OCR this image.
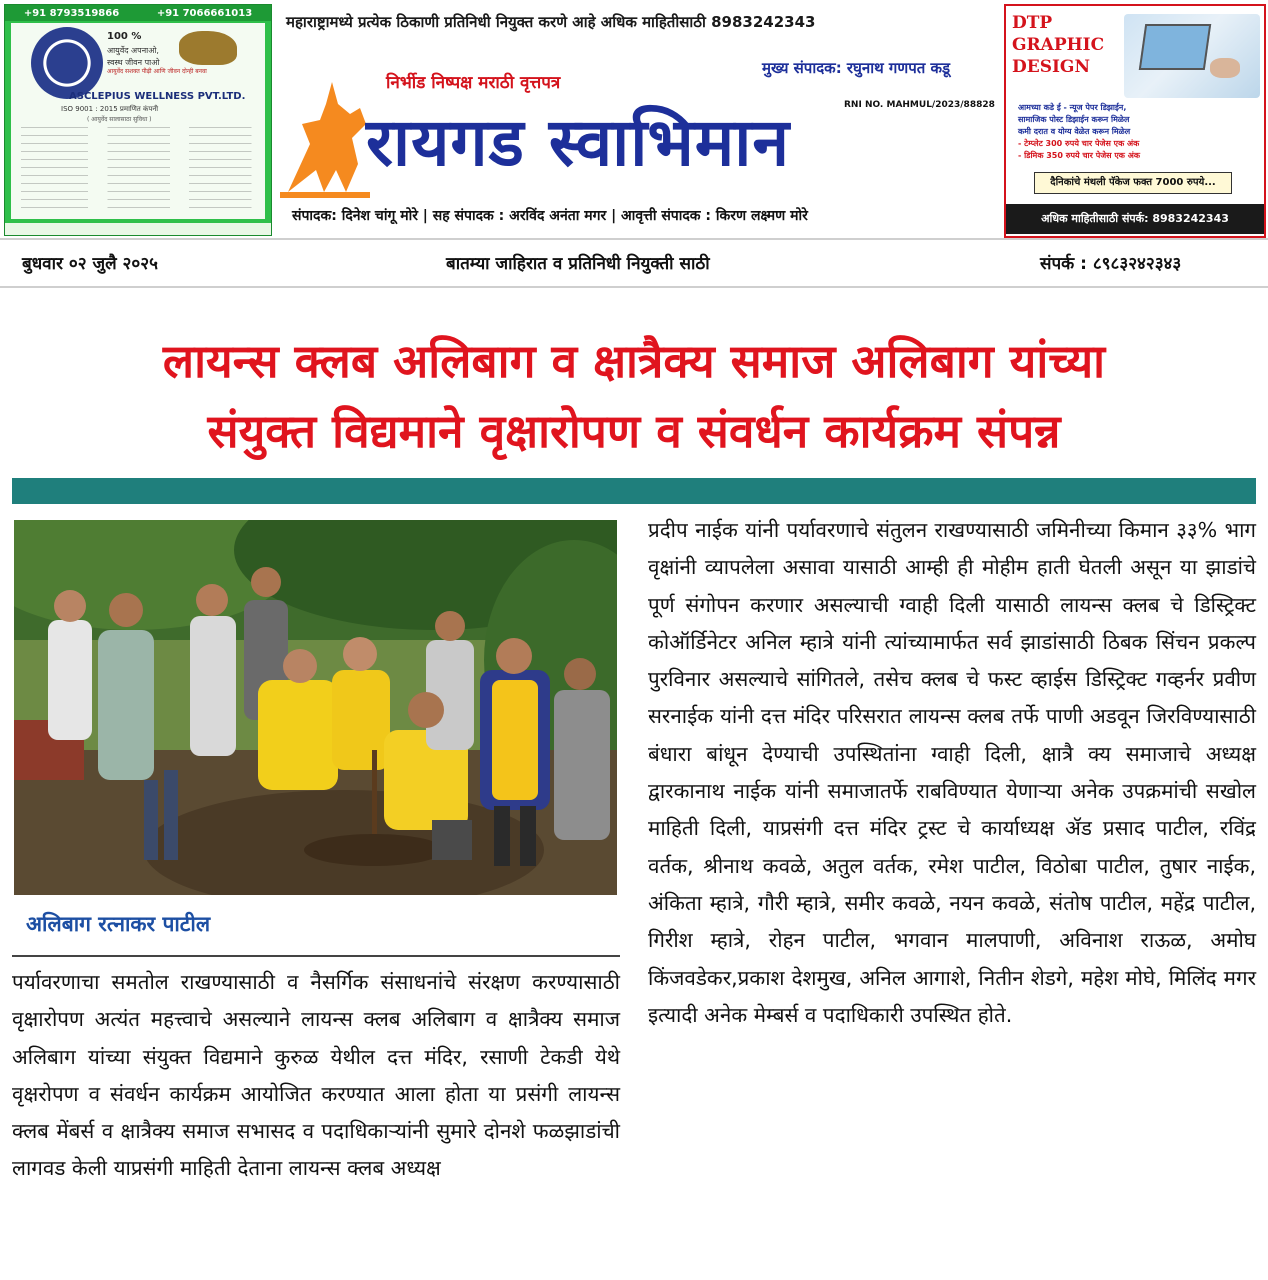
+91 8793519866	+91 7066661013
100 %
आयुर्वेद अपनाओ,
स्वस्थ जीवन पाओ
आयुर्वेद सशक्त पीढ़ी आणि जीवन दोन्ही बनवा
ASCLEPIUS WELLNESS PVT.LTD.
ISO 9001 : 2015 प्रमाणित कंपनी
( आयुर्वेद सालासाठा सुविधा )
महाराष्ट्रामध्ये प्रत्येक ठिकाणी प्रतिनिधी नियुक्त करणे आहे अधिक माहितीसाठी 8983242343
निर्भीड निष्पक्ष मराठी वृत्तपत्र
मुख्य संपादक: रघुनाथ गणपत कडू
RNI NO. MAHMUL/2023/88828
रायगड स्वाभिमान
संपादक: दिनेश चांगू मोरे | सह संपादक : अरविंद अनंता मगर | आवृत्ती संपादक : किरण लक्ष्मण मोरे
DTP
GRAPHIC
DESIGN
आमच्या कडे ई - न्यूज पेपर डिझाईन,
सामाजिक पोस्ट डिझाईन करून मिळेल
कमी दरात व योग्य वेळेत करून मिळेल
- टेम्प्लेट 300 रुपये चार पेजेस एक अंक
- डिमिक 350 रुपये चार पेजेस एक अंक
दैनिकांचे मंथली पॅकेज फक्त 7000 रुपये...
अधिक माहितीसाठी संपर्क: 8983242343
बुधवार ०२ जुलै २०२५	बातम्या जाहिरात व प्रतिनिधी नियुक्ती साठी	संपर्क : ८९८३२४२३४३
लायन्स क्लब अलिबाग व क्षात्रैक्य समाज अलिबाग यांच्या
संयुक्त विद्यमाने वृक्षारोपण व संवर्धन कार्यक्रम संपन्न
अलिबाग रत्नाकर पाटील
पर्यावरणाचा समतोल राखण्यासाठी व नैसर्गिक संसाधनांचे संरक्षण करण्यासाठी वृक्षारोपण अत्यंत महत्त्वाचे असल्याने लायन्स क्लब अलिबाग व क्षात्रैक्य समाज अलिबाग यांच्या संयुक्त विद्यमाने कुरुळ येथील दत्त मंदिर, रसाणी टेकडी येथे वृक्षरोपण व संवर्धन कार्यक्रम आयोजित करण्यात आला होता या प्रसंगी लायन्स क्लब मेंबर्स व क्षात्रैक्य समाज सभासद व पदाधिकाऱ्यांनी सुमारे दोनशे फळझाडांची लागवड केली याप्रसंगी माहिती देताना लायन्स क्लब अध्यक्ष
प्रदीप नाईक यांनी पर्यावरणाचे संतुलन राखण्यासाठी जमिनीच्या किमान ३३% भाग वृक्षांनी व्यापलेला असावा यासाठी आम्ही ही मोहीम हाती घेतली असून या झाडांचे पूर्ण संगोपन करणार असल्याची ग्वाही दिली यासाठी लायन्स क्लब चे डिस्ट्रिक्ट कोऑर्डिनेटर अनिल म्हात्रे यांनी त्यांच्यामार्फत सर्व झाडांसाठी ठिबक सिंचन प्रकल्प पुरविनार असल्याचे सांगितले, तसेच क्लब चे फस्ट व्हाईस डिस्ट्रिक्ट गव्हर्नर प्रवीण सरनाईक यांनी दत्त मंदिर परिसरात लायन्स क्लब तर्फे पाणी अडवून जिरविण्यासाठी बंधारा बांधून देण्याची उपस्थितांना ग्वाही दिली, क्षात्रै क्य समाजाचे अध्यक्ष द्वारकानाथ नाईक यांनी समाजातर्फे राबविण्यात येणाऱ्या अनेक उपक्रमांची सखोल माहिती दिली, याप्रसंगी दत्त मंदिर ट्रस्ट चे कार्याध्यक्ष ॲड प्रसाद पाटील, रविंद्र वर्तक, श्रीनाथ कवळे, अतुल वर्तक, रमेश पाटील, विठोबा पाटील, तुषार नाईक, अंकिता म्हात्रे, गौरी म्हात्रे, समीर कवळे, नयन कवळे, संतोष पाटील, महेंद्र पाटील, गिरीश म्हात्रे, रोहन पाटील, भगवान मालपाणी, अविनाश राऊळ, अमोघ किंजवडेकर,प्रकाश देशमुख, अनिल आगाशे, नितीन शेडगे, महेश मोघे, मिलिंद मगर इत्यादी अनेक मेम्बर्स व पदाधिकारी उपस्थित होते.
